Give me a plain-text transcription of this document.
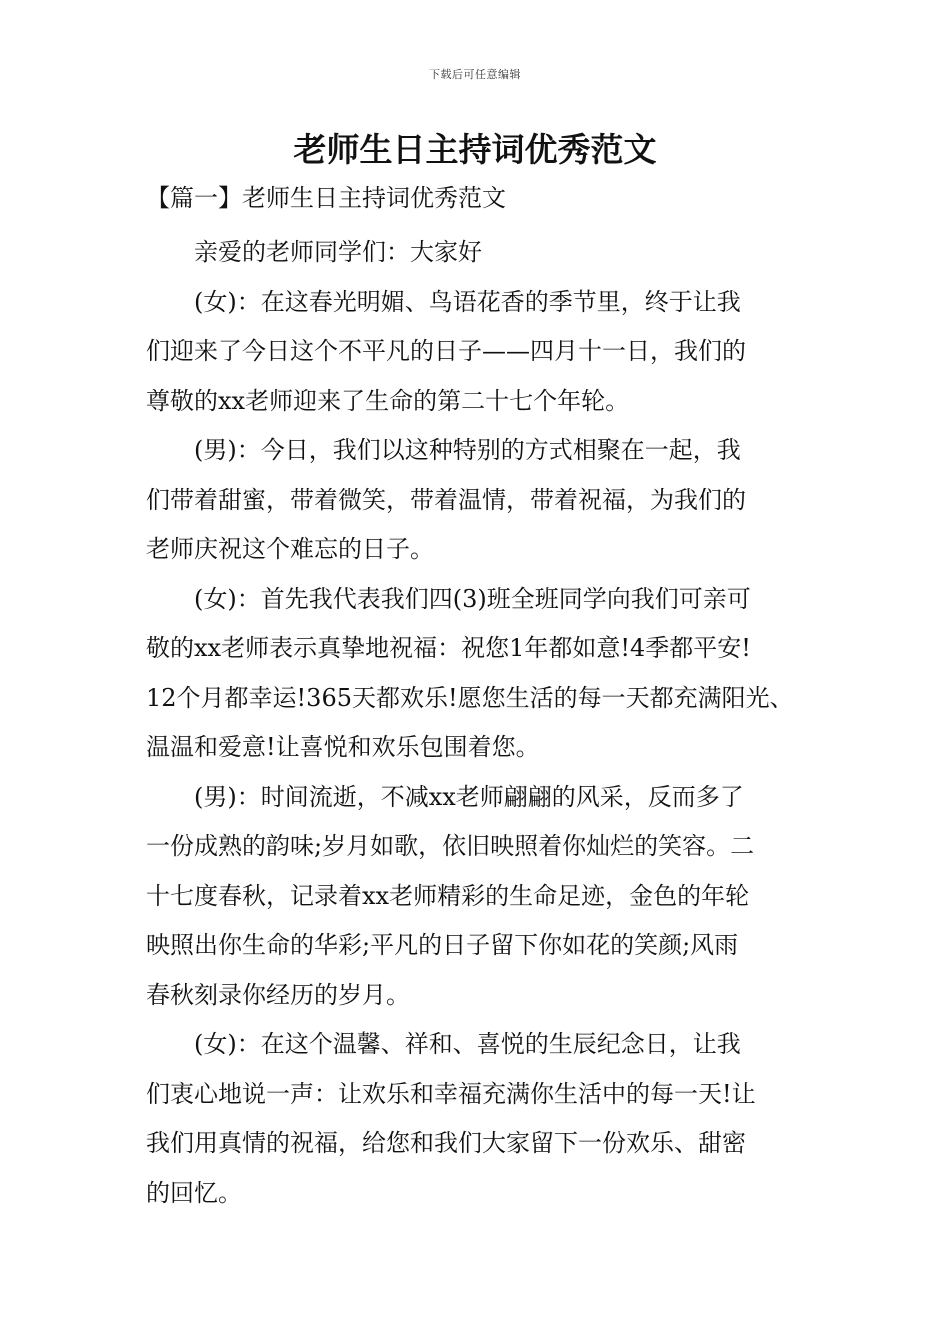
下载后可任意编辑
老师生日主持词优秀范文
【篇一】老师生日主持词优秀范文

亲爱的老师同学们：大家好

(女)：在这春光明媚、鸟语花香的季节里，终于让我
们迎来了今日这个不平凡的日子——四月十一日，我们的
尊敬的xx老师迎来了生命的第二十七个年轮。

(男)：今日，我们以这种特别的方式相聚在一起，我
们带着甜蜜，带着微笑，带着温情，带着祝福，为我们的
老师庆祝这个难忘的日子。

(女)：首先我代表我们四(3)班全班同学向我们可亲可
敬的xx老师表示真挚地祝福：祝您1年都如意!4季都平安!
12个月都幸运!365天都欢乐!愿您生活的每一天都充满阳光、
温温和爱意!让喜悦和欢乐包围着您。

(男)：时间流逝，不减xx老师翩翩的风采，反而多了
一份成熟的韵味;岁月如歌，依旧映照着你灿烂的笑容。二
十七度春秋，记录着xx老师精彩的生命足迹，金色的年轮
映照出你生命的华彩;平凡的日子留下你如花的笑颜;风雨
春秋刻录你经历的岁月。

(女)：在这个温馨、祥和、喜悦的生辰纪念日，让我
们衷心地说一声：让欢乐和幸福充满你生活中的每一天!让
我们用真情的祝福，给您和我们大家留下一份欢乐、甜密
的回忆。
